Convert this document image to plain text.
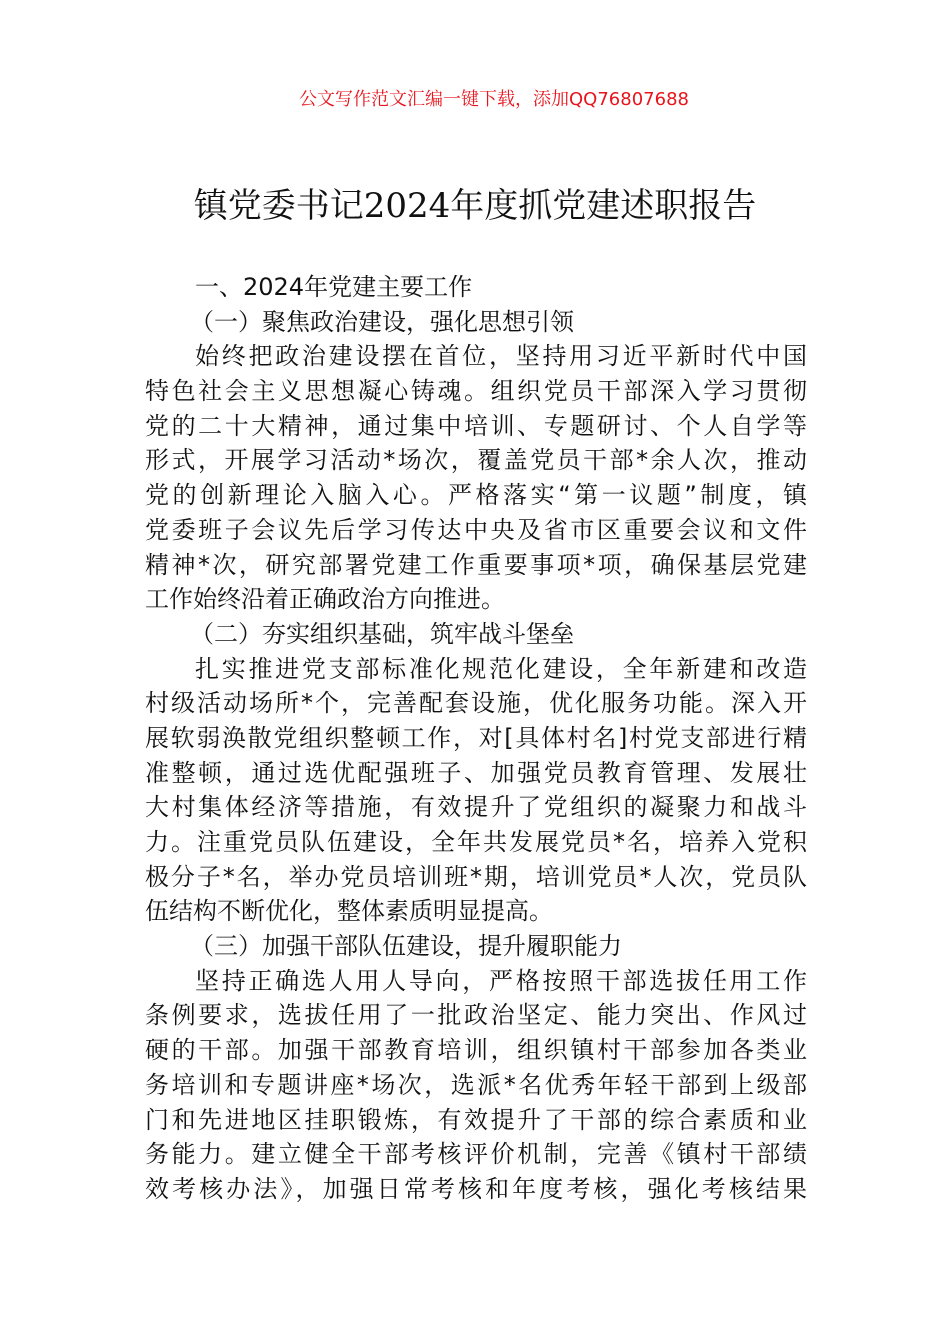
公文写作范文汇编一键下载，添加QQ76807688
镇党委书记2024年度抓党建述职报告
一、2024年党建主要工作
（一）聚焦政治建设，强化思想引领
始终把政治建设摆在首位，坚持用习近平新时代中国
特色社会主义思想凝心铸魂。组织党员干部深入学习贯彻
党的二十大精神，通过集中培训、专题研讨、个人自学等
形式，开展学习活动*场次，覆盖党员干部*余人次，推动
党的创新理论入脑入心。严格落实“第一议题”制度，镇
党委班子会议先后学习传达中央及省市区重要会议和文件
精神*次，研究部署党建工作重要事项*项，确保基层党建
工作始终沿着正确政治方向推进。
（二）夯实组织基础，筑牢战斗堡垒
扎实推进党支部标准化规范化建设，全年新建和改造
村级活动场所*个，完善配套设施，优化服务功能。深入开
展软弱涣散党组织整顿工作，对[具体村名]村党支部进行精
准整顿，通过选优配强班子、加强党员教育管理、发展壮
大村集体经济等措施，有效提升了党组织的凝聚力和战斗
力。注重党员队伍建设，全年共发展党员*名，培养入党积
极分子*名，举办党员培训班*期，培训党员*人次，党员队
伍结构不断优化，整体素质明显提高。
（三）加强干部队伍建设，提升履职能力
坚持正确选人用人导向，严格按照干部选拔任用工作
条例要求，选拔任用了一批政治坚定、能力突出、作风过
硬的干部。加强干部教育培训，组织镇村干部参加各类业
务培训和专题讲座*场次，选派*名优秀年轻干部到上级部
门和先进地区挂职锻炼，有效提升了干部的综合素质和业
务能力。建立健全干部考核评价机制，完善《镇村干部绩
效考核办法》，加强日常考核和年度考核，强化考核结果
